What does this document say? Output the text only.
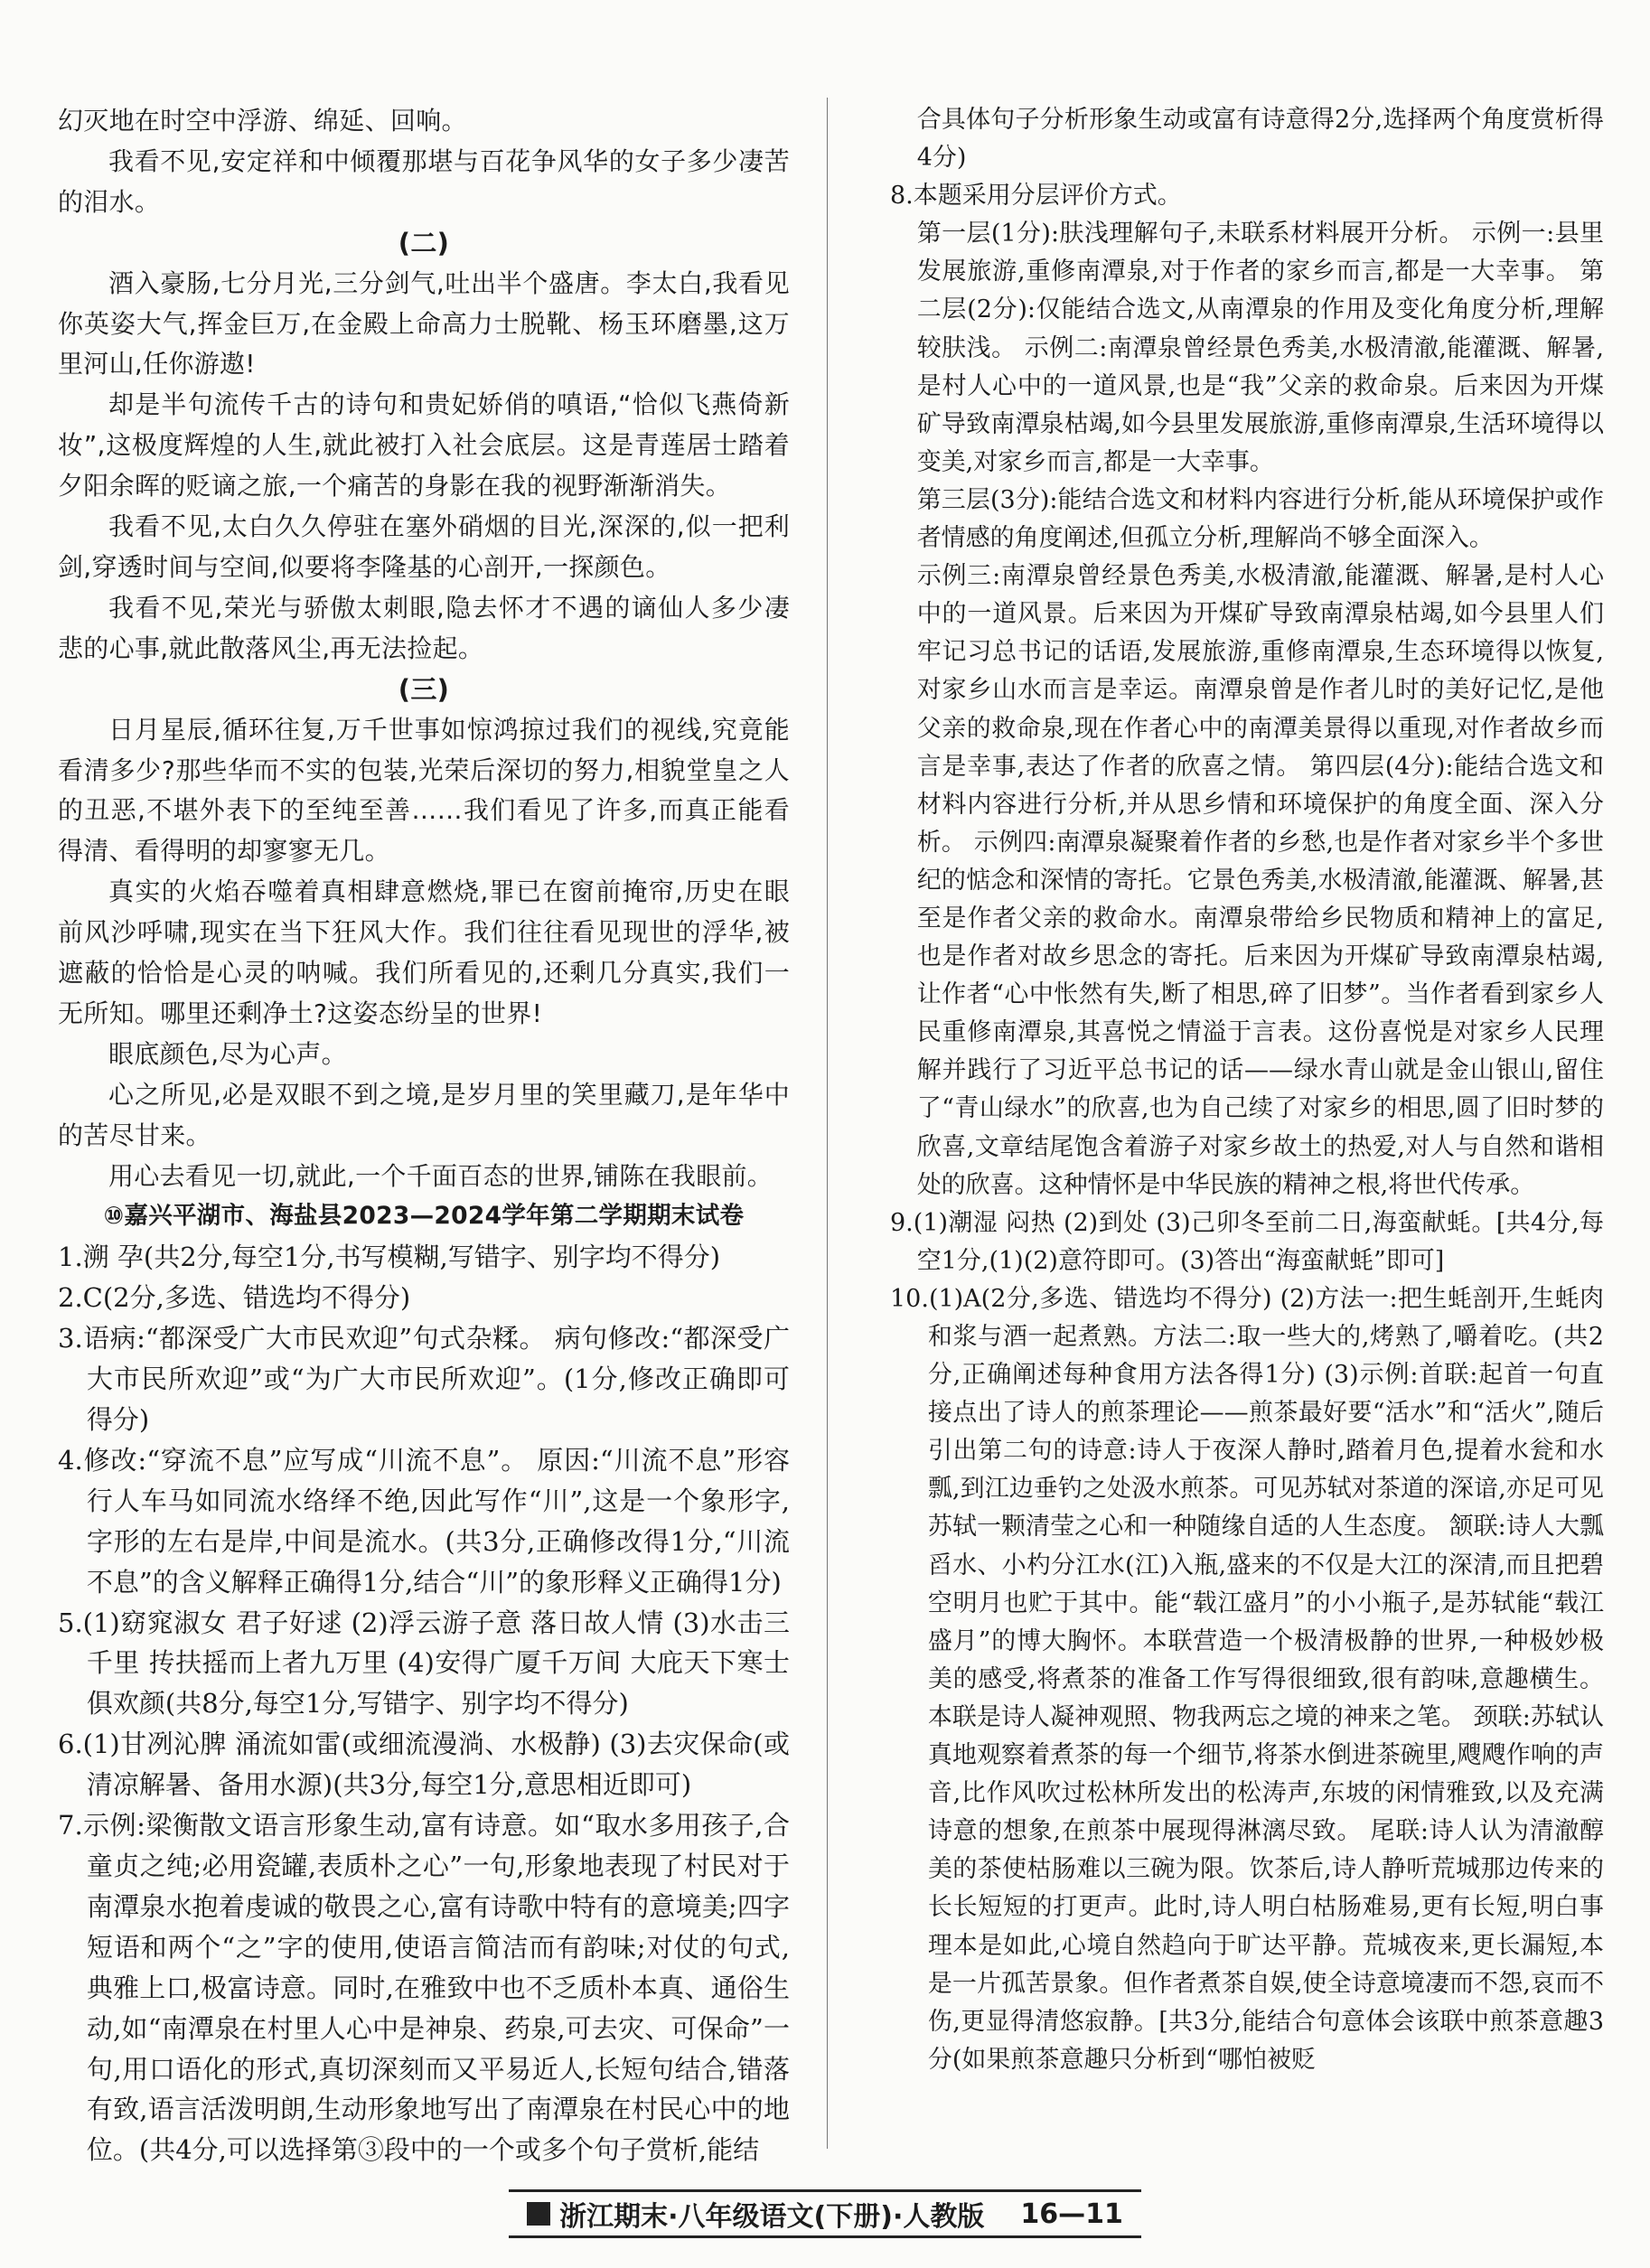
幻灭地在时空中浮游、绵延、回响。

我看不见,安定祥和中倾覆那堪与百花争风华的女子多少凄苦的泪水。

(二)

酒入豪肠,七分月光,三分剑气,吐出半个盛唐。李太白,我看见你英姿大气,挥金巨万,在金殿上命高力士脱靴、杨玉环磨墨,这万里河山,任你游遨!

却是半句流传千古的诗句和贵妃娇俏的嗔语,“恰似飞燕倚新妆”,这极度辉煌的人生,就此被打入社会底层。这是青莲居士踏着夕阳余晖的贬谪之旅,一个痛苦的身影在我的视野渐渐消失。

我看不见,太白久久停驻在塞外硝烟的目光,深深的,似一把利剑,穿透时间与空间,似要将李隆基的心剖开,一探颜色。

我看不见,荣光与骄傲太刺眼,隐去怀才不遇的谪仙人多少凄悲的心事,就此散落风尘,再无法捡起。

(三)

日月星辰,循环往复,万千世事如惊鸿掠过我们的视线,究竟能看清多少?那些华而不实的包装,光荣后深切的努力,相貌堂皇之人的丑恶,不堪外表下的至纯至善……我们看见了许多,而真正能看得清、看得明的却寥寥无几。

真实的火焰吞噬着真相肆意燃烧,罪已在窗前掩帘,历史在眼前风沙呼啸,现实在当下狂风大作。我们往往看见现世的浮华,被遮蔽的恰恰是心灵的呐喊。我们所看见的,还剩几分真实,我们一无所知。哪里还剩净土?这姿态纷呈的世界!

眼底颜色,尽为心声。

心之所见,必是双眼不到之境,是岁月里的笑里藏刀,是年华中的苦尽甘来。

用心去看见一切,就此,一个千面百态的世界,铺陈在我眼前。

⑩嘉兴平湖市、海盐县2023—2024学年第二学期期末试卷

1.溯 孕(共2分,每空1分,书写模糊,写错字、别字均不得分)

2.C(2分,多选、错选均不得分)

3.语病:“都深受广大市民欢迎”句式杂糅。 病句修改:“都深受广大市民所欢迎”或“为广大市民所欢迎”。(1分,修改正确即可得分)

4.修改:“穿流不息”应写成“川流不息”。 原因:“川流不息”形容行人车马如同流水络绎不绝,因此写作“川”,这是一个象形字,字形的左右是岸,中间是流水。(共3分,正确修改得1分,“川流不息”的含义解释正确得1分,结合“川”的象形释义正确得1分)

5.(1)窈窕淑女 君子好逑 (2)浮云游子意 落日故人情 (3)水击三千里 抟扶摇而上者九万里 (4)安得广厦千万间 大庇天下寒士俱欢颜(共8分,每空1分,写错字、别字均不得分)

6.(1)甘冽沁脾 涌流如雷(或细流漫淌、水极静) (3)去灾保命(或清凉解暑、备用水源)(共3分,每空1分,意思相近即可)

7.示例:梁衡散文语言形象生动,富有诗意。如“取水多用孩子,合童贞之纯;必用瓷罐,表质朴之心”一句,形象地表现了村民对于南潭泉水抱着虔诚的敬畏之心,富有诗歌中特有的意境美;四字短语和两个“之”字的使用,使语言简洁而有韵味;对仗的句式,典雅上口,极富诗意。同时,在雅致中也不乏质朴本真、通俗生动,如“南潭泉在村里人心中是神泉、药泉,可去灾、可保命”一句,用口语化的形式,真切深刻而又平易近人,长短句结合,错落有致,语言活泼明朗,生动形象地写出了南潭泉在村民心中的地位。(共4分,可以选择第③段中的一个或多个句子赏析,能结

合具体句子分析形象生动或富有诗意得2分,选择两个角度赏析得4分)

8.本题采用分层评价方式。

第一层(1分):肤浅理解句子,未联系材料展开分析。 示例一:县里发展旅游,重修南潭泉,对于作者的家乡而言,都是一大幸事。 第二层(2分):仅能结合选文,从南潭泉的作用及变化角度分析,理解较肤浅。 示例二:南潭泉曾经景色秀美,水极清澈,能灌溉、解暑,是村人心中的一道风景,也是“我”父亲的救命泉。后来因为开煤矿导致南潭泉枯竭,如今县里发展旅游,重修南潭泉,生活环境得以变美,对家乡而言,都是一大幸事。

第三层(3分):能结合选文和材料内容进行分析,能从环境保护或作者情感的角度阐述,但孤立分析,理解尚不够全面深入。

示例三:南潭泉曾经景色秀美,水极清澈,能灌溉、解暑,是村人心中的一道风景。后来因为开煤矿导致南潭泉枯竭,如今县里人们牢记习总书记的话语,发展旅游,重修南潭泉,生态环境得以恢复,对家乡山水而言是幸运。南潭泉曾是作者儿时的美好记忆,是他父亲的救命泉,现在作者心中的南潭美景得以重现,对作者故乡而言是幸事,表达了作者的欣喜之情。 第四层(4分):能结合选文和材料内容进行分析,并从思乡情和环境保护的角度全面、深入分析。 示例四:南潭泉凝聚着作者的乡愁,也是作者对家乡半个多世纪的惦念和深情的寄托。它景色秀美,水极清澈,能灌溉、解暑,甚至是作者父亲的救命水。南潭泉带给乡民物质和精神上的富足,也是作者对故乡思念的寄托。后来因为开煤矿导致南潭泉枯竭,让作者“心中怅然有失,断了相思,碎了旧梦”。当作者看到家乡人民重修南潭泉,其喜悦之情溢于言表。这份喜悦是对家乡人民理解并践行了习近平总书记的话——绿水青山就是金山银山,留住了“青山绿水”的欣喜,也为自己续了对家乡的相思,圆了旧时梦的欣喜,文章结尾饱含着游子对家乡故土的热爱,对人与自然和谐相处的欣喜。这种情怀是中华民族的精神之根,将世代传承。

9.(1)潮湿 闷热 (2)到处 (3)己卯冬至前二日,海蛮献蚝。[共4分,每空1分,(1)(2)意符即可。(3)答出“海蛮献蚝”即可]

10.(1)A(2分,多选、错选均不得分) (2)方法一:把生蚝剖开,生蚝肉和浆与酒一起煮熟。方法二:取一些大的,烤熟了,嚼着吃。(共2分,正确阐述每种食用方法各得1分) (3)示例:首联:起首一句直接点出了诗人的煎茶理论——煎茶最好要“活水”和“活火”,随后引出第二句的诗意:诗人于夜深人静时,踏着月色,提着水瓮和水瓢,到江边垂钓之处汲水煎茶。可见苏轼对茶道的深谙,亦足可见苏轼一颗清莹之心和一种随缘自适的人生态度。 颔联:诗人大瓢舀水、小杓分江水(江)入瓶,盛来的不仅是大江的深清,而且把碧空明月也贮于其中。能“载江盛月”的小小瓶子,是苏轼能“载江盛月”的博大胸怀。本联营造一个极清极静的世界,一种极妙极美的感受,将煮茶的准备工作写得很细致,很有韵味,意趣横生。本联是诗人凝神观照、物我两忘之境的神来之笔。 颈联:苏轼认真地观察着煮茶的每一个细节,将茶水倒进茶碗里,飕飕作响的声音,比作风吹过松林所发出的松涛声,东坡的闲情雅致,以及充满诗意的想象,在煎茶中展现得淋漓尽致。 尾联:诗人认为清澈醇美的茶使枯肠难以三碗为限。饮茶后,诗人静听荒城那边传来的长长短短的打更声。此时,诗人明白枯肠难易,更有长短,明白事理本是如此,心境自然趋向于旷达平静。荒城夜来,更长漏短,本是一片孤苦景象。但作者煮茶自娱,使全诗意境凄而不怨,哀而不伤,更显得清悠寂静。[共3分,能结合句意体会该联中煎茶意趣3分(如果煎茶意趣只分析到“哪怕被贬

浙江期末·八年级语文(下册)·人教版 16—11
